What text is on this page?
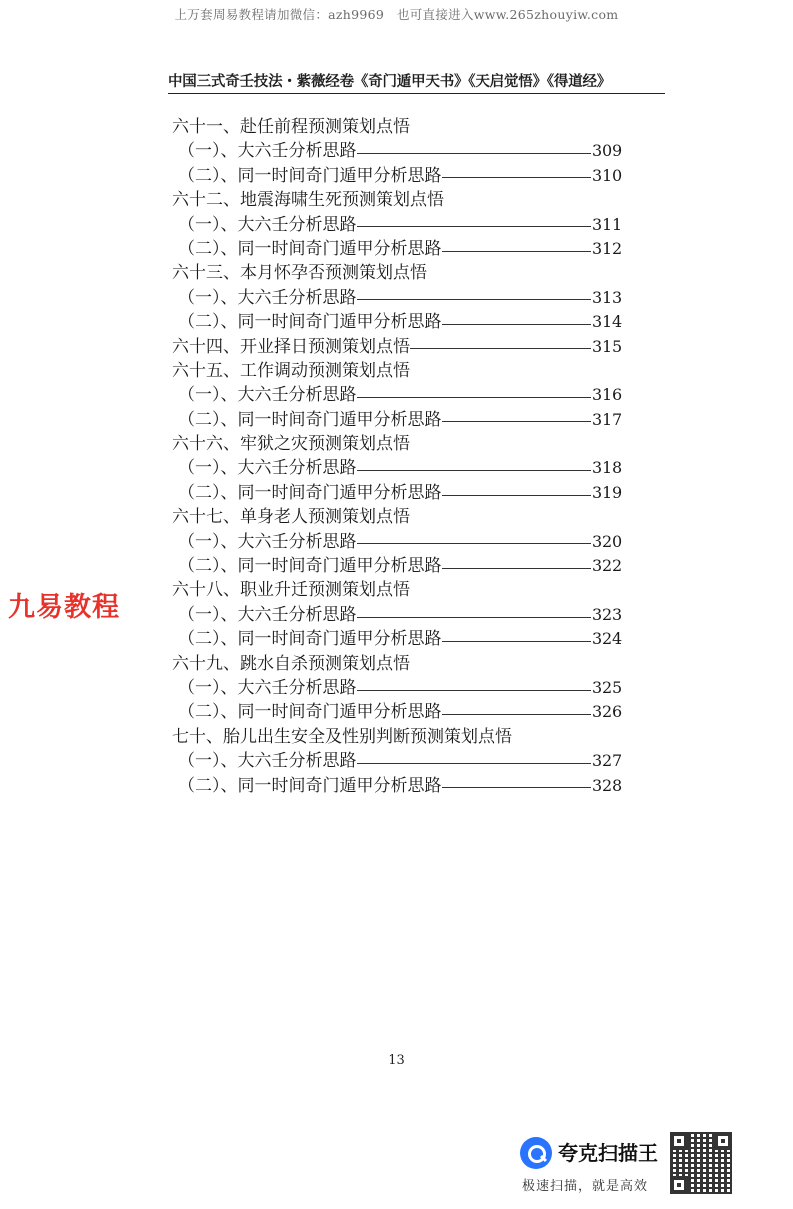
上万套周易教程请加微信：azh9969　也可直接进入www.265zhouyiw.com
中国三式奇壬技法・紫薇经卷《奇门遁甲天书》《天启觉悟》《得道经》
六十一、赴任前程预测策划点悟
（一）、大六壬分析思路	309
（二）、同一时间奇门遁甲分析思路	310
六十二、地震海啸生死预测策划点悟
（一）、大六壬分析思路	311
（二）、同一时间奇门遁甲分析思路	312
六十三、本月怀孕否预测策划点悟
（一）、大六壬分析思路	313
（二）、同一时间奇门遁甲分析思路	314
六十四、开业择日预测策划点悟	315
六十五、工作调动预测策划点悟
（一）、大六壬分析思路	316
（二）、同一时间奇门遁甲分析思路	317
六十六、牢狱之灾预测策划点悟
（一）、大六壬分析思路	318
（二）、同一时间奇门遁甲分析思路	319
六十七、单身老人预测策划点悟
（一）、大六壬分析思路	320
（二）、同一时间奇门遁甲分析思路	322
六十八、职业升迁预测策划点悟
（一）、大六壬分析思路	323
（二）、同一时间奇门遁甲分析思路	324
六十九、跳水自杀预测策划点悟
（一）、大六壬分析思路	325
（二）、同一时间奇门遁甲分析思路	326
七十、胎儿出生安全及性别判断预测策划点悟
（一）、大六壬分析思路	327
（二）、同一时间奇门遁甲分析思路	328
九易教程
13
夸克扫描王
极速扫描，就是高效
